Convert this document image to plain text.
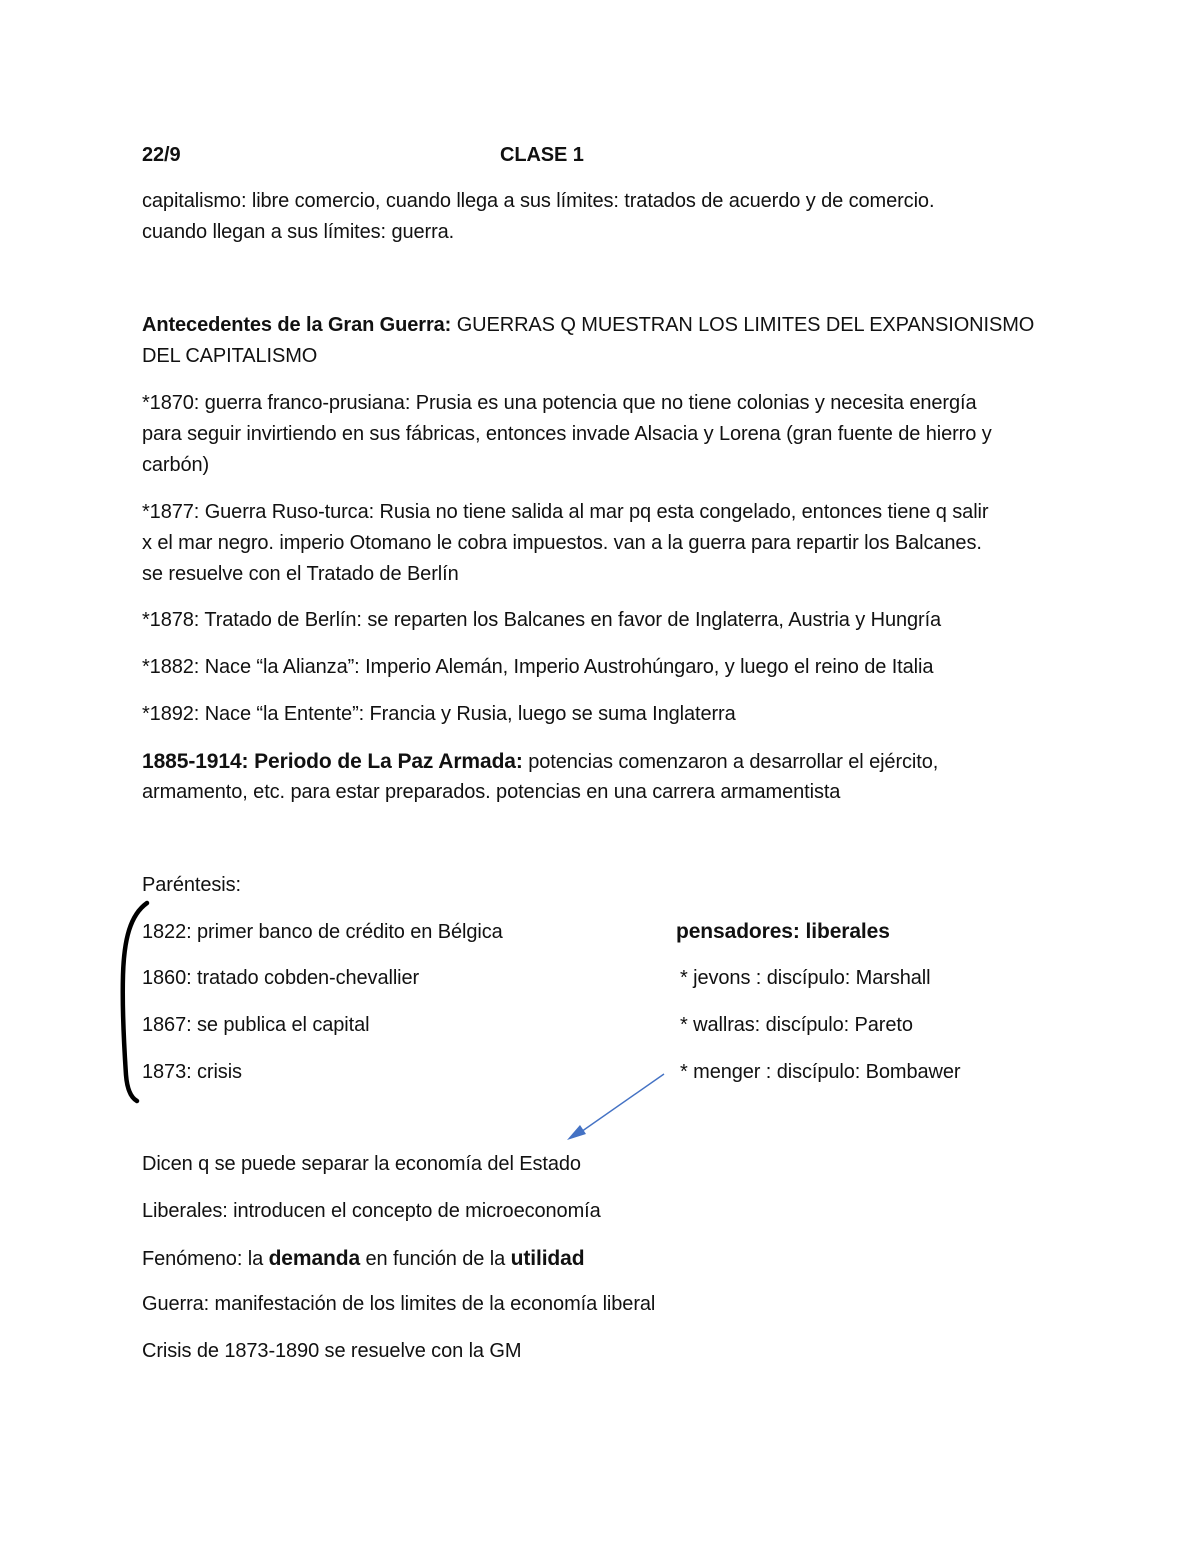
22/9	CLASE 1
capitalismo: libre comercio, cuando llega a sus límites: tratados de acuerdo y de comercio.
cuando llegan a sus límites: guerra.
Antecedentes de la Gran Guerra: GUERRAS Q MUESTRAN LOS LIMITES DEL EXPANSIONISMO
DEL CAPITALISMO
*1870: guerra franco-prusiana: Prusia es una potencia que no tiene colonias y necesita energía
para seguir invirtiendo en sus fábricas, entonces invade Alsacia y Lorena (gran fuente de hierro y
carbón)
*1877: Guerra Ruso-turca: Rusia no tiene salida al mar pq esta congelado, entonces tiene q salir
x el mar negro. imperio Otomano le cobra impuestos. van a la guerra para repartir los Balcanes.
se resuelve con el Tratado de Berlín
*1878: Tratado de Berlín: se reparten los Balcanes en favor de Inglaterra, Austria y Hungría
*1882: Nace “la Alianza”: Imperio Alemán, Imperio Austrohúngaro, y luego el reino de Italia
*1892: Nace “la Entente”: Francia y Rusia, luego se suma Inglaterra
1885-1914: Periodo de La Paz Armada: potencias comenzaron a desarrollar el ejército,
armamento, etc. para estar preparados. potencias en una carrera armamentista
Paréntesis:
1822: primer banco de crédito en Bélgica
1860: tratado cobden-chevallier
1867: se publica el capital
1873: crisis
pensadores: liberales
* jevons : discípulo: Marshall
* wallras: discípulo: Pareto
* menger : discípulo: Bombawer
Dicen q se puede separar la economía del Estado
Liberales: introducen el concepto de microeconomía
Fenómeno: la demanda en función de la utilidad
Guerra: manifestación de los limites de la economía liberal
Crisis de 1873-1890 se resuelve con la GM
